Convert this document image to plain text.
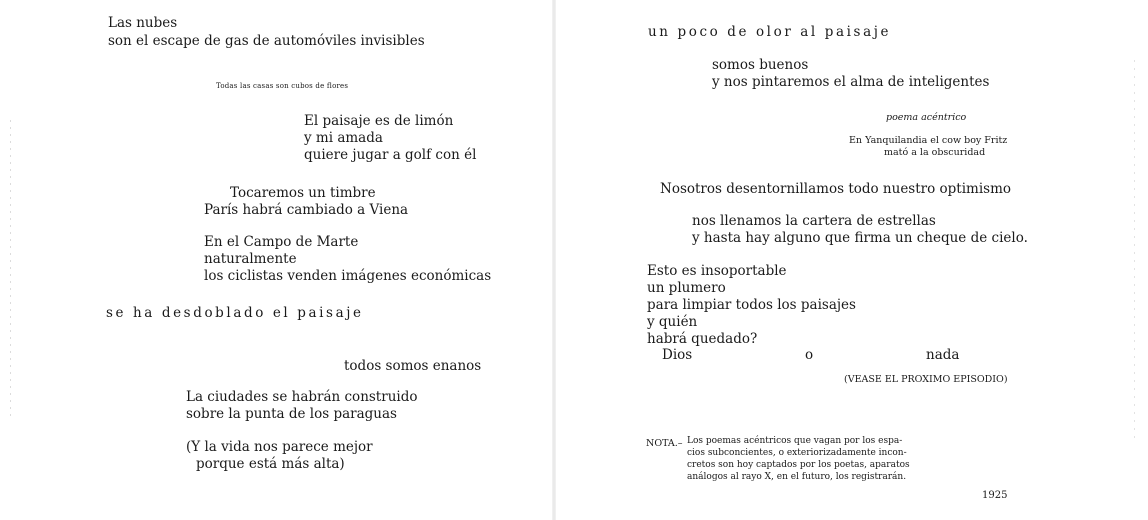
Las nubes

son el escape de gas de automóviles invisibles

Todas las casas son cubos de flores

El paisaje es de limón

y mi amada

quiere jugar a golf con él

Tocaremos un timbre

París habrá cambiado a Viena

En el Campo de Marte

naturalmente

los ciclistas venden imágenes económicas

se ha desdoblado el paisaje

todos somos enanos

La ciudades se habrán construido

sobre la punta de los paraguas

(Y la vida nos parece mejor

porque está más alta)

un poco de olor al paisaje

somos buenos

y nos pintaremos el alma de inteligentes

poema acéntrico

En Yanquilandia el cow boy Fritz

mató a la obscuridad

Nosotros desentornillamos todo nuestro optimismo

nos llenamos la cartera de estrellas

y hasta hay alguno que firma un cheque de cielo.

Esto es insoportable

un plumero

para limpiar todos los paisajes

y quién

habrá quedado?

Dios	o	nada

(VEASE EL PROXIMO EPISODIO)

NOTA.– Los poemas acéntricos que vagan por los espa-

cios subconcientes, o exteriorizadamente incon-

cretos son hoy captados por los poetas, aparatos

análogos al rayo X, en el futuro, los registrarán.

1925
